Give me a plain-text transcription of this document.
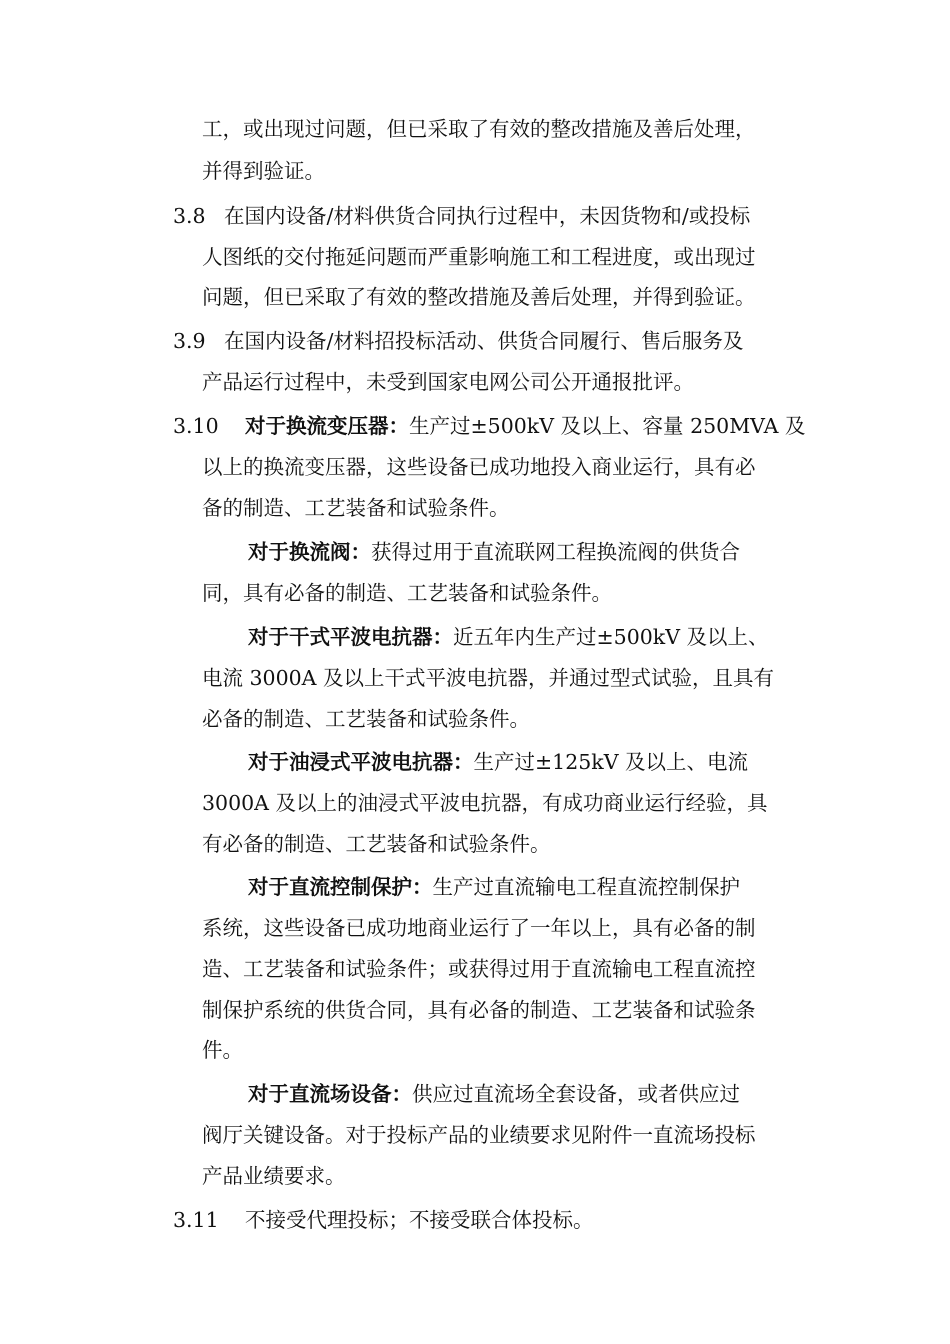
工，或出现过问题，但已采取了有效的整改措施及善后处理，
并得到验证。
3.8 在国内设备/材料供货合同执行过程中，未因货物和/或投标
人图纸的交付拖延问题而严重影响施工和工程进度，或出现过
问题，但已采取了有效的整改措施及善后处理，并得到验证。
3.9 在国内设备/材料招投标活动、供货合同履行、售后服务及
产品运行过程中，未受到国家电网公司公开通报批评。
3.10 对于换流变压器：生产过±500kV 及以上、容量 250MVA 及
以上的换流变压器，这些设备已成功地投入商业运行，具有必
备的制造、工艺装备和试验条件。
对于换流阀：获得过用于直流联网工程换流阀的供货合
同，具有必备的制造、工艺装备和试验条件。
对于干式平波电抗器：近五年内生产过±500kV 及以上、
电流 3000A 及以上干式平波电抗器，并通过型式试验，且具有
必备的制造、工艺装备和试验条件。
对于油浸式平波电抗器：生产过±125kV 及以上、电流
3000A 及以上的油浸式平波电抗器，有成功商业运行经验，具
有必备的制造、工艺装备和试验条件。
对于直流控制保护：生产过直流输电工程直流控制保护
系统，这些设备已成功地商业运行了一年以上，具有必备的制
造、工艺装备和试验条件；或获得过用于直流输电工程直流控
制保护系统的供货合同，具有必备的制造、工艺装备和试验条
件。
对于直流场设备：供应过直流场全套设备，或者供应过
阀厅关键设备。对于投标产品的业绩要求见附件一直流场投标
产品业绩要求。
3.11 不接受代理投标；不接受联合体投标。
